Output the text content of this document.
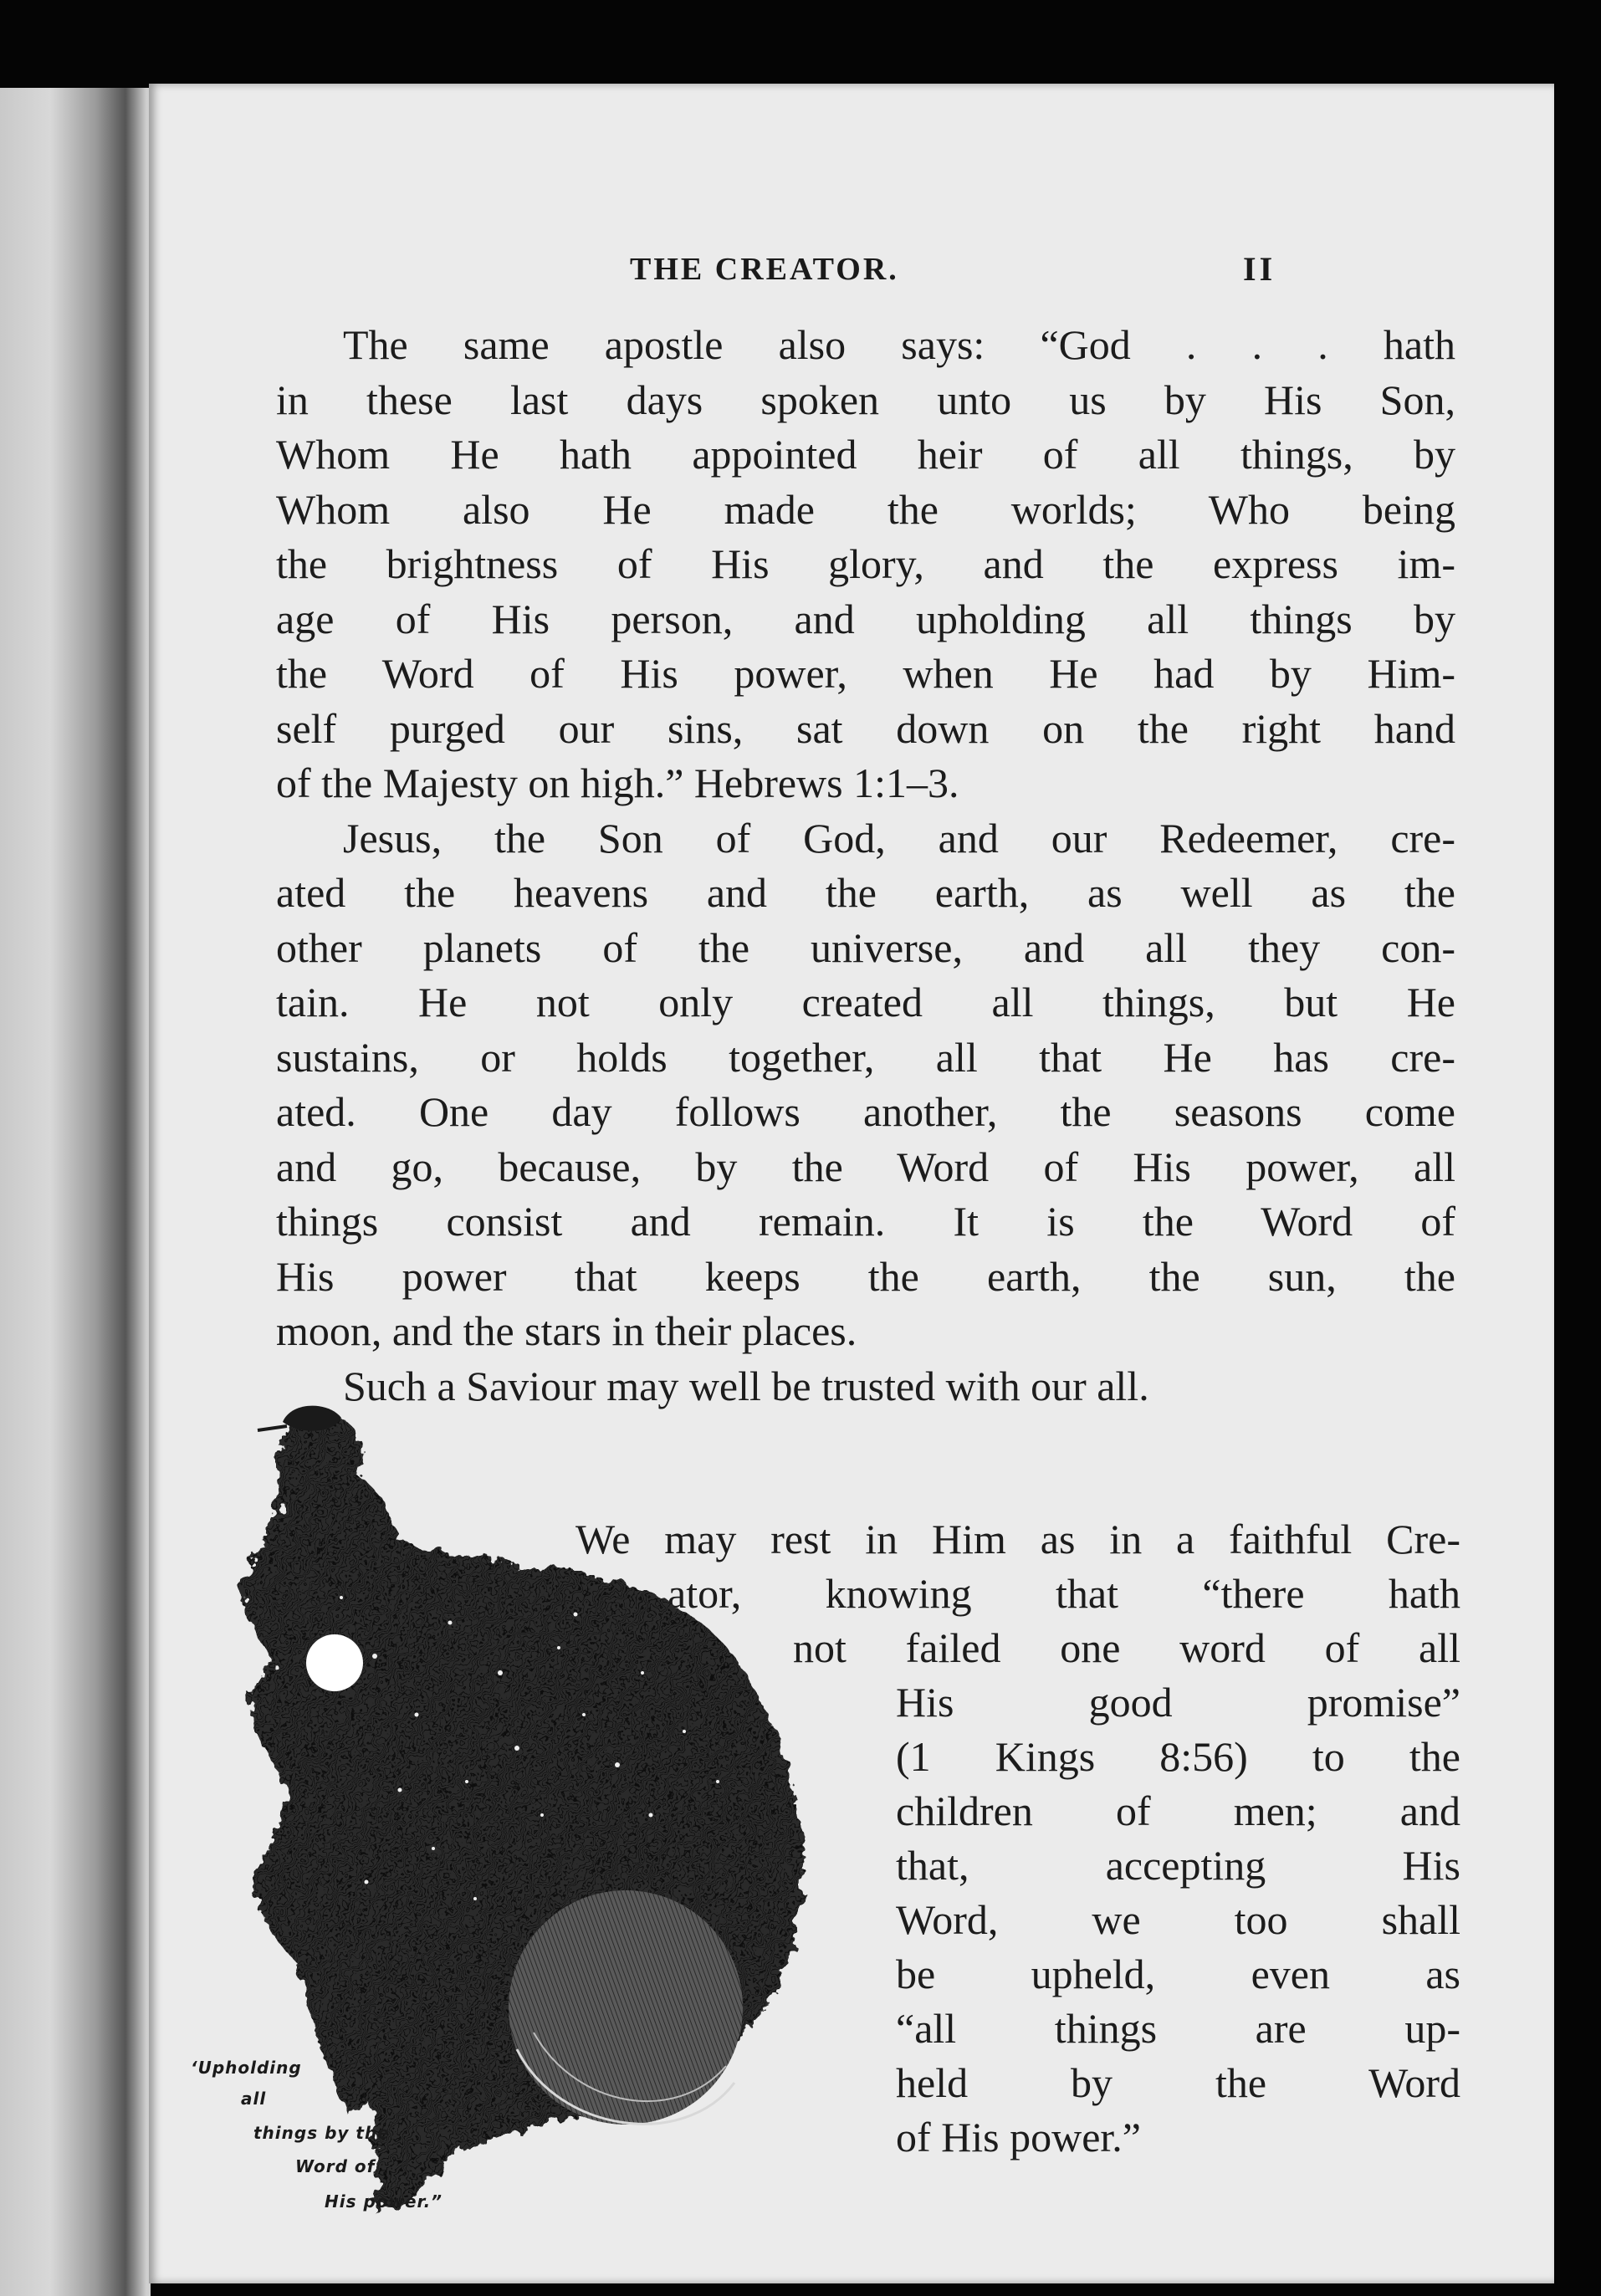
THE CREATOR.	II

The same apostle also says: “God . . . hath
in these last days spoken unto us by His Son,
Whom He hath appointed heir of all things, by
Whom also He made the worlds; Who being
the brightness of His glory, and the express im-
age of His person, and upholding all things by
the Word of His power, when He had by Him-
self purged our sins, sat down on the right hand
of the Majesty on high.” Hebrews 1:1–3.

Jesus, the Son of God, and our Redeemer, cre-
ated the heavens and the earth, as well as the
other planets of the universe, and all they con-
tain. He not only created all things, but He
sustains, or holds together, all that He has cre-
ated. One day follows another, the seasons come
and go, because, by the Word of His power, all
things consist and remain. It is the Word of
His power that keeps the earth, the sun, the
moon, and the stars in their places.

Such a Saviour may well be trusted with our all.

We may rest in Him as in a faithful Cre-
ator, knowing that “there hath
not failed one word of all
His good promise”
(1 Kings 8:56) to the
children of men; and
that, accepting His
Word, we too shall
be upheld, even as
“all things are up-
held by the Word
of His power.”
‘Upholding
all
things by the
Word of
His power.”
